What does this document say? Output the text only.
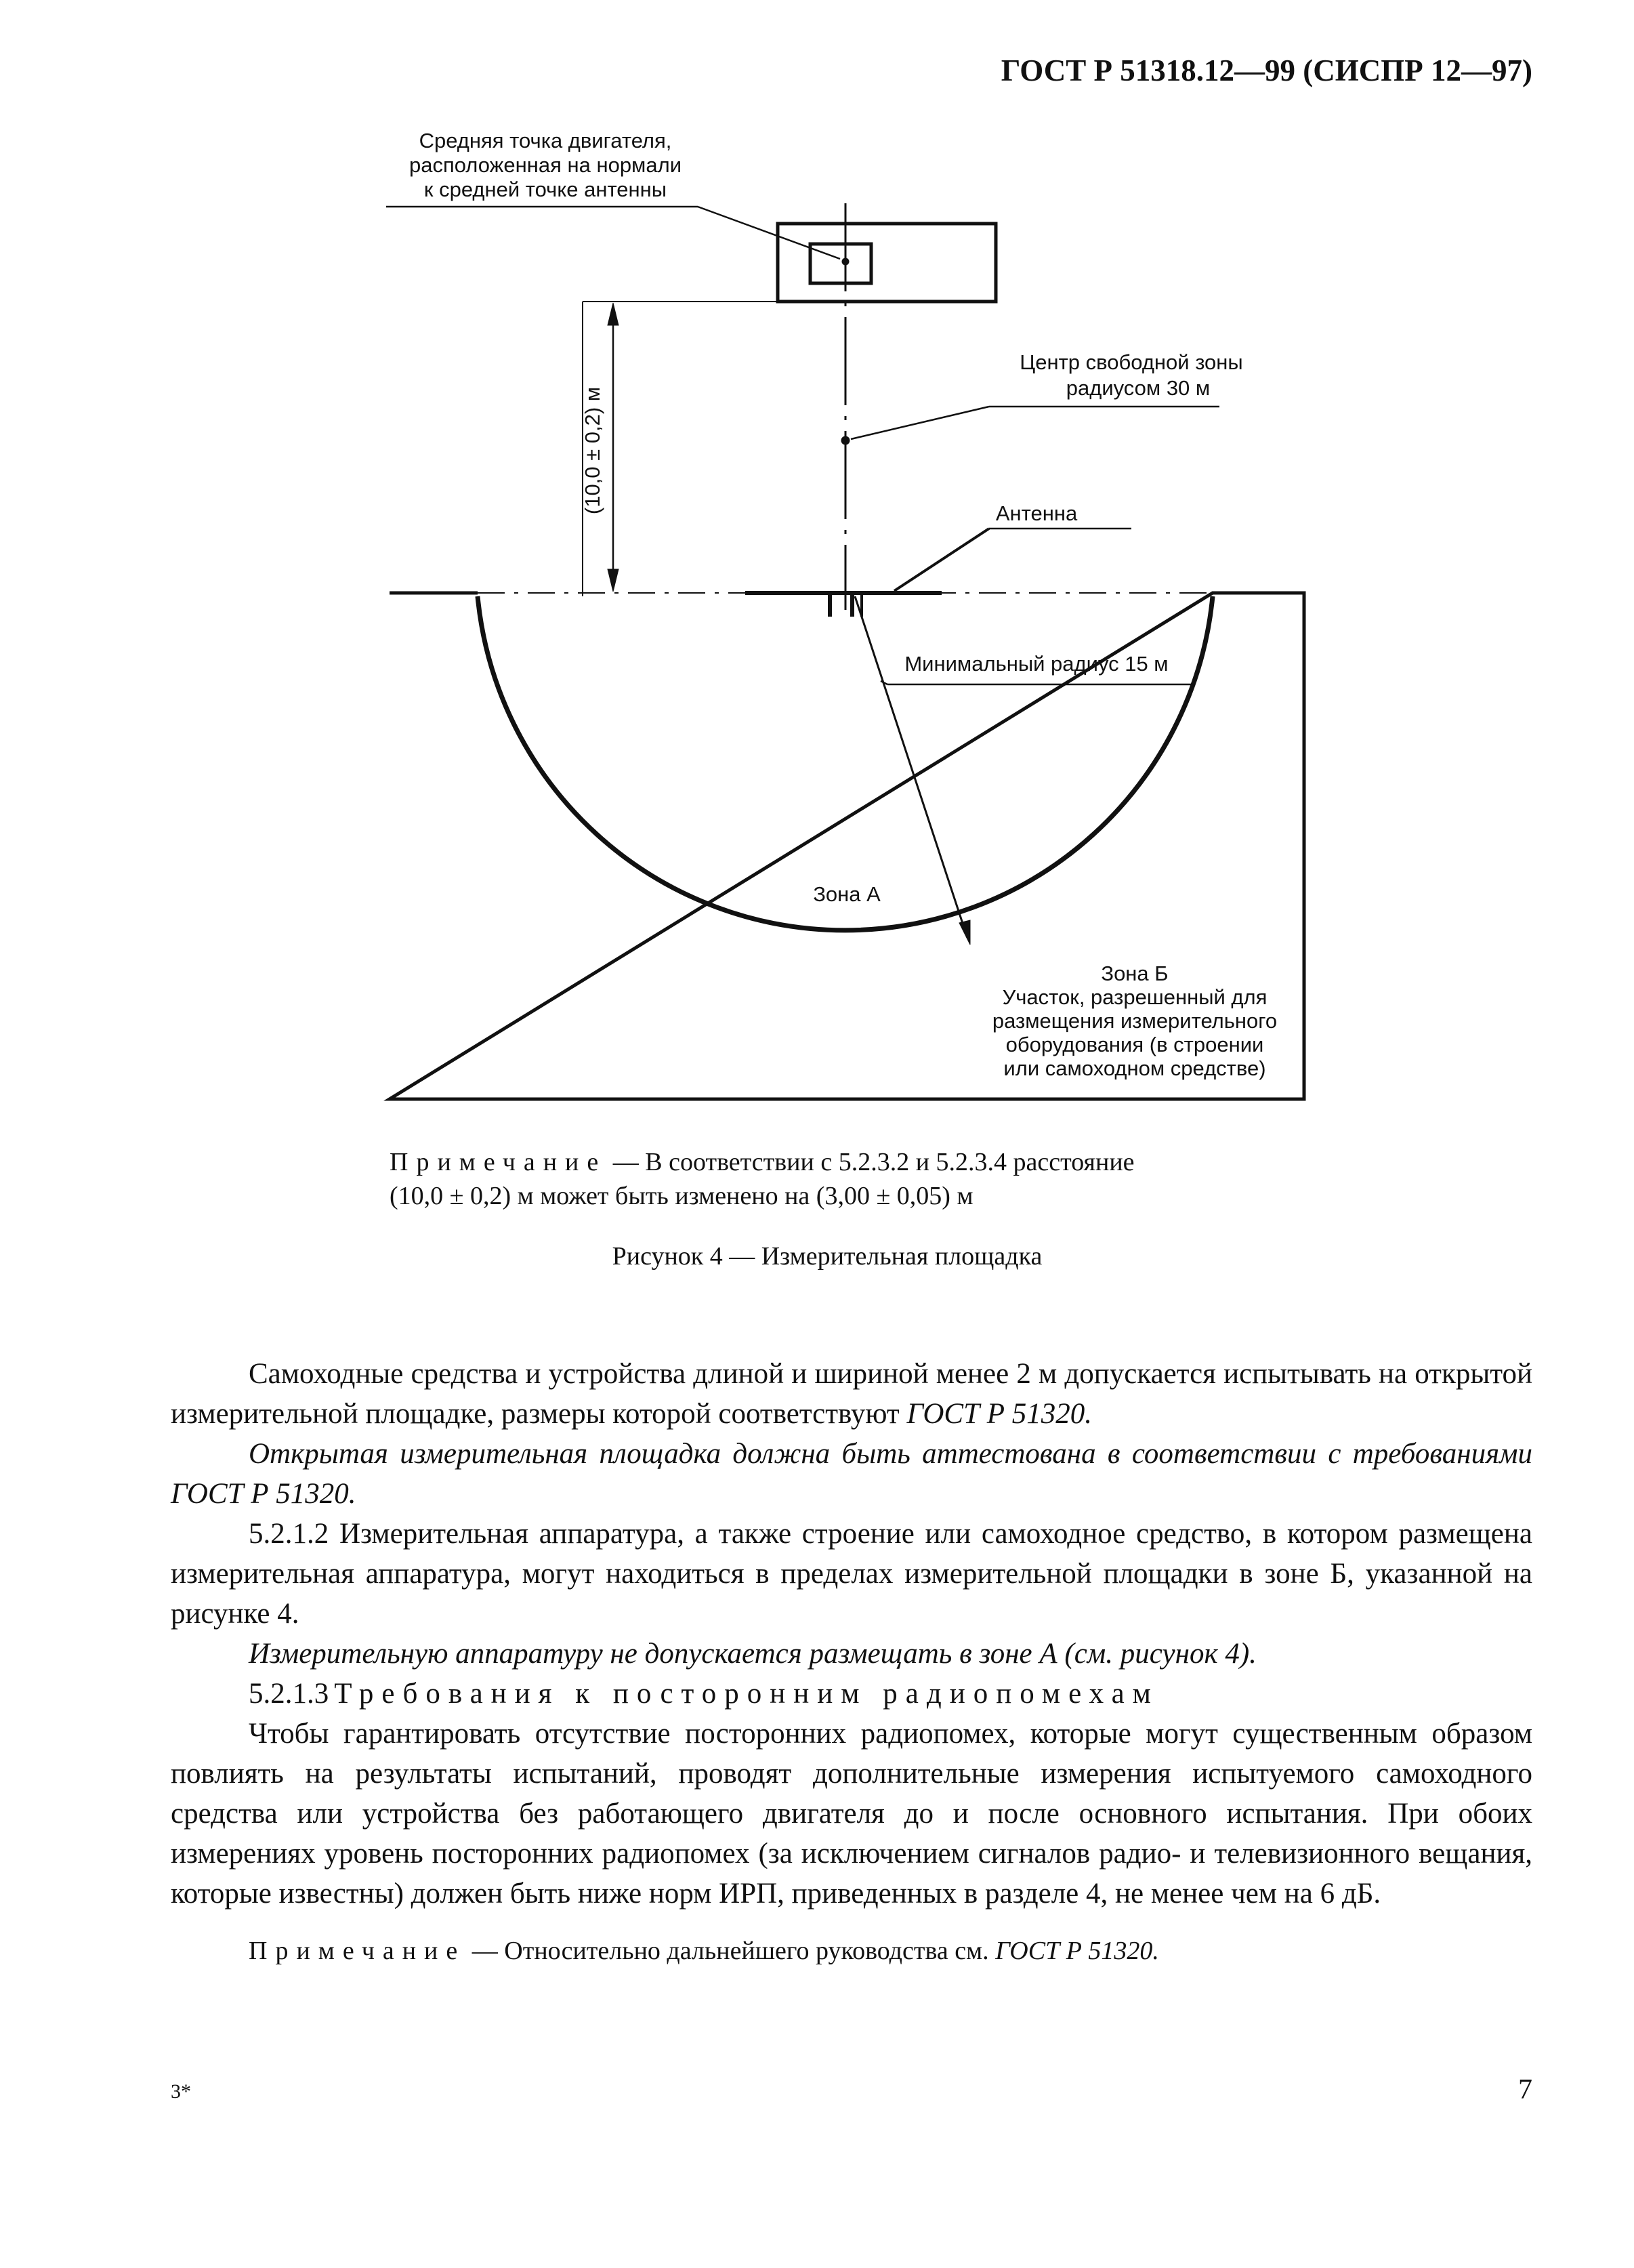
ГОСТ Р 51318.12—99 (СИСПР 12—97)
Средняя точка двигателя,
расположенная на нормали
к средней точке антенны
Центр свободной зоны
радиусом 30 м
Антенна
Минимальный радиус 15 м
Зона А
Зона Б
Участок, разрешенный для
размещения измерительного
оборудования (в строении
или самоходном средстве)
(10,0 ± 0,2) м
Примечание — В соответствии с 5.2.3.2 и 5.2.3.4 расстояние
(10,0 ± 0,2) м может быть изменено на (3,00 ± 0,05) м
Рисунок 4 — Измерительная площадка

Самоходные средства и устройства длиной и шириной менее 2 м допускается испытывать на открытой измерительной площадке, размеры которой соответствуют ГОСТ Р 51320.

Открытая измерительная площадка должна быть аттестована в соответствии с требованиями ГОСТ Р 51320.

5.2.1.2 Измерительная аппаратура, а также строение или самоходное средство, в котором размещена измерительная аппаратура, могут находиться в пределах измерительной площадки в зоне Б, указанной на рисунке 4.

Измерительную аппаратуру не допускается размещать в зоне А (см. рисунок 4).

5.2.1.3 Требования к посторонним радиопомехам

Чтобы гарантировать отсутствие посторонних радиопомех, которые могут существенным образом повлиять на результаты испытаний, проводят дополнительные измерения испытуемого самоходного средства или устройства без работающего двигателя до и после основного испытания. При обоих измерениях уровень посторонних радиопомех (за исключением сигналов радио- и телевизионного вещания, которые известны) должен быть ниже норм ИРП, приведенных в разделе 4, не менее чем на 6 дБ.

Примечание — Относительно дальнейшего руководства см. ГОСТ Р 51320.

3*	7
